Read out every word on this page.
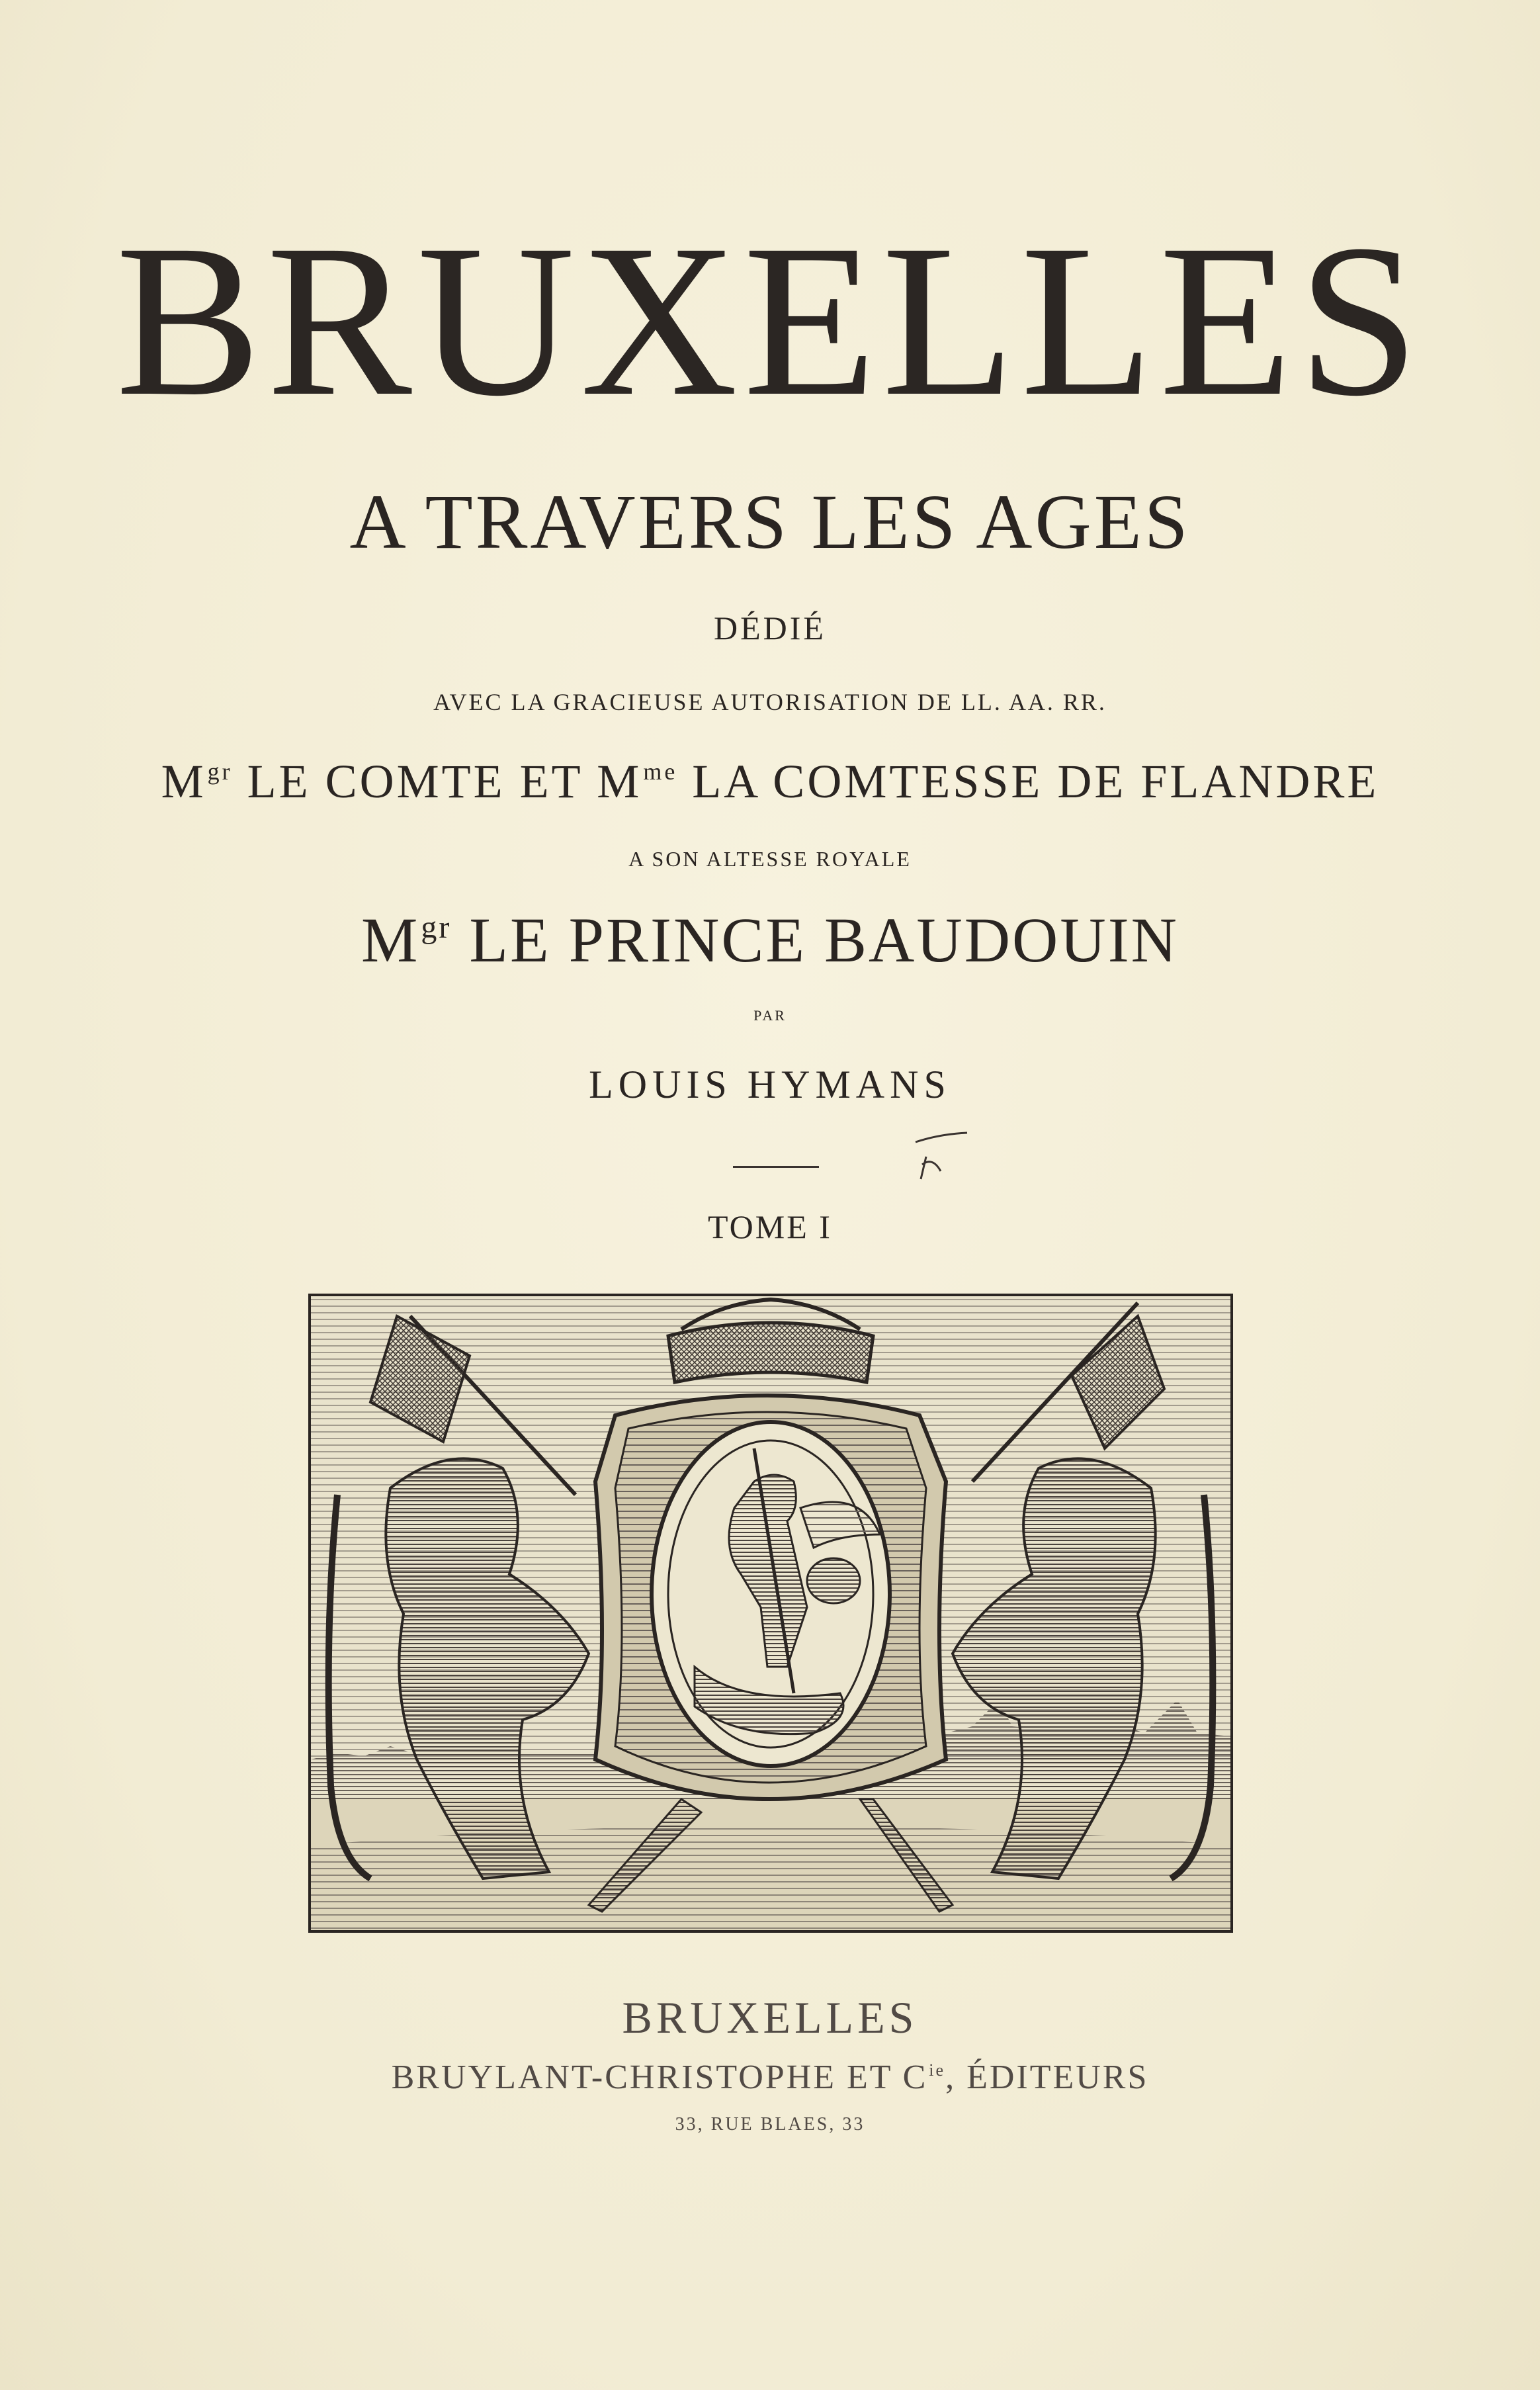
BRUXELLES
A TRAVERS LES AGES
DÉDIÉ
AVEC LA GRACIEUSE AUTORISATION DE LL. AA. RR.
$M^{gr}$ LE COMTE ET $M^{me}$ LA COMTESSE DE FLANDRE
A SON ALTESSE ROYALE
$M^{gr}$ LE PRINCE BAUDOUIN
PAR
LOUIS HYMANS
TOME I
BRUXELLES
BRUYLANT-CHRISTOPHE ET $C^{ie}$, ÉDITEURS
33, RUE BLAES, 33
